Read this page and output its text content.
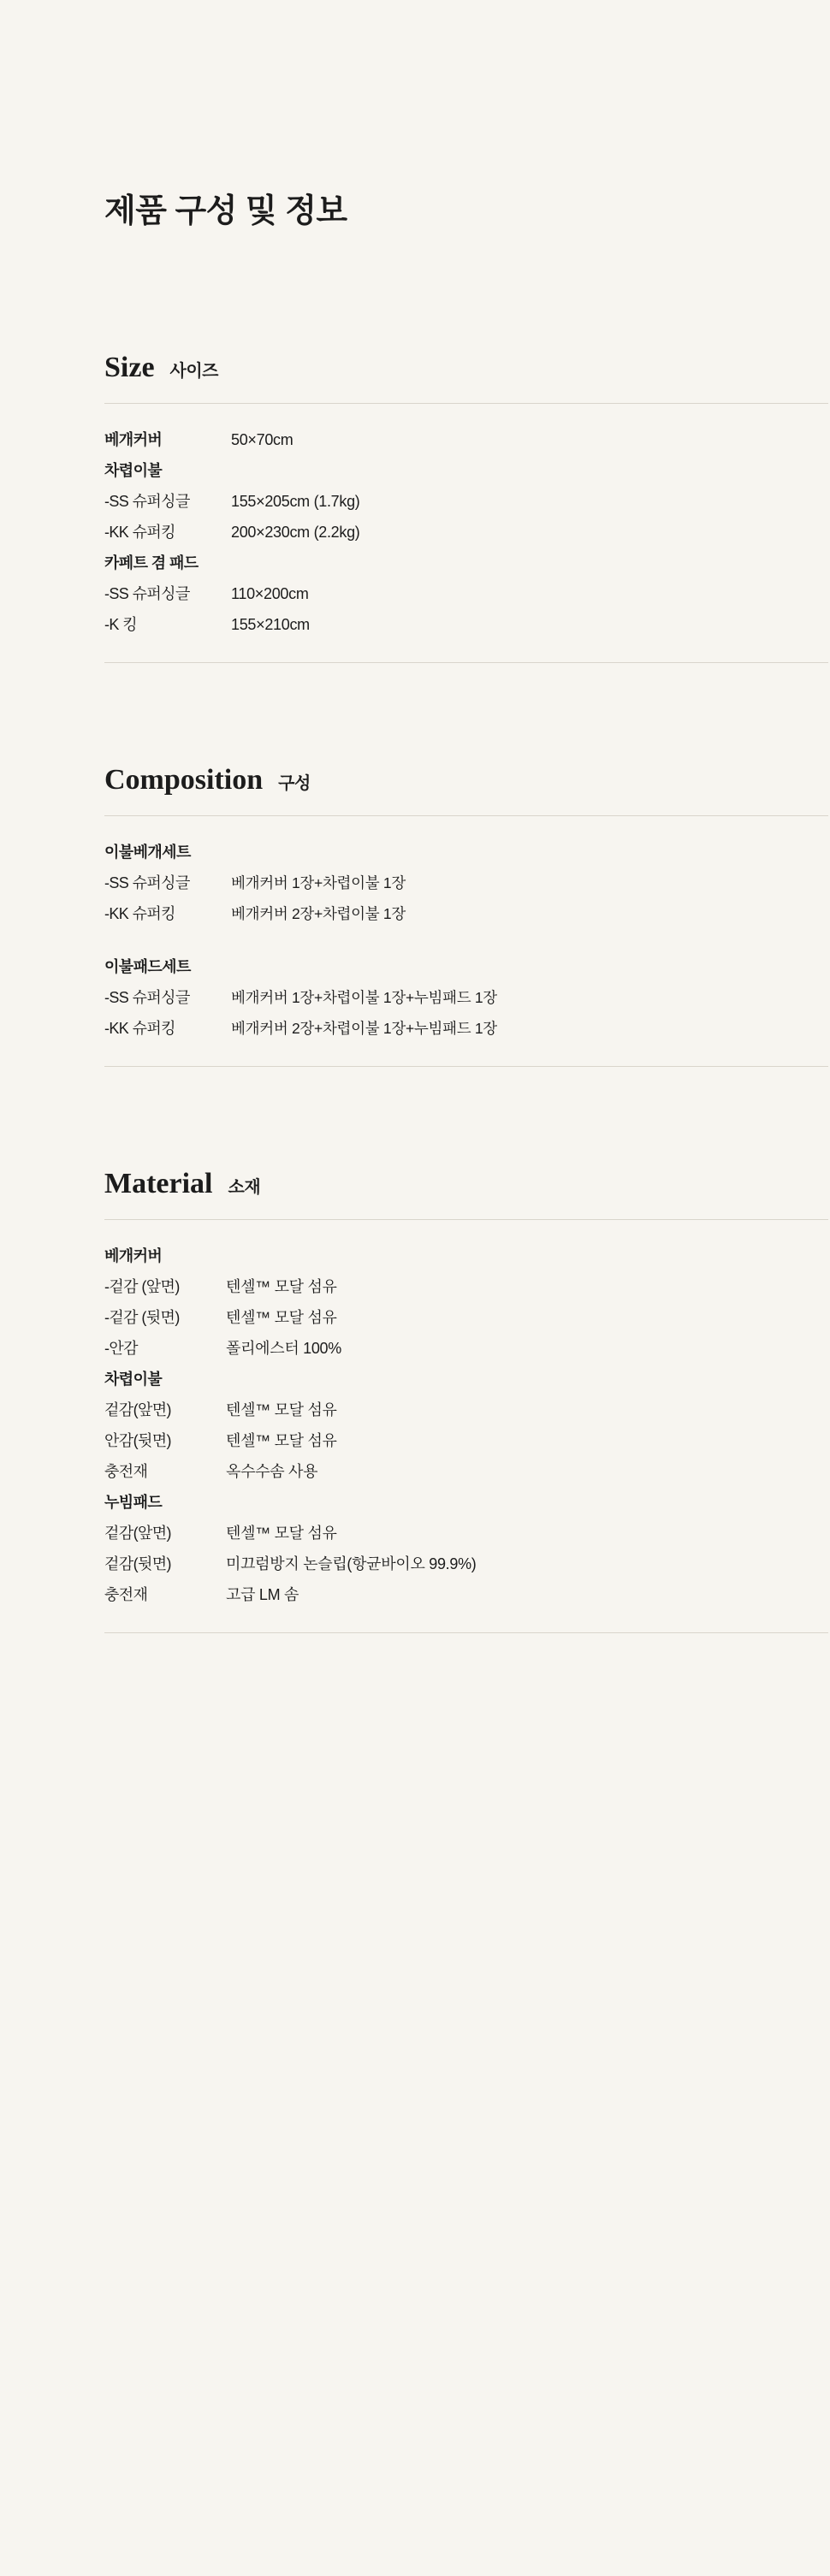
제품 구성 및 정보
Size 사이즈
베개커버	50×70cm
차렵이불
-SS 슈퍼싱글	155×205cm (1.7kg)
-KK 슈퍼킹	200×230cm (2.2kg)
카페트 겸 패드
-SS 슈퍼싱글	110×200cm
-K 킹	155×210cm
Composition 구성
이불베개세트
-SS 슈퍼싱글	베개커버 1장+차렵이불 1장
-KK 슈퍼킹	베개커버 2장+차렵이불 1장
이불패드세트
-SS 슈퍼싱글	베개커버 1장+차렵이불 1장+누빔패드 1장
-KK 슈퍼킹	베개커버 2장+차렵이불 1장+누빔패드 1장
Material 소재
베개커버
-겉감 (앞면)	텐셀™ 모달 섬유
-겉감 (뒷면)	텐셀™ 모달 섬유
-안감	폴리에스터 100%
차렵이불
겉감(앞면)	텐셀™ 모달 섬유
안감(뒷면)	텐셀™ 모달 섬유
충전재	옥수수솜 사용
누빔패드
겉감(앞면)	텐셀™ 모달 섬유
겉감(뒷면)	미끄럼방지 논슬립(항균바이오 99.9%)
충전재	고급 LM 솜
